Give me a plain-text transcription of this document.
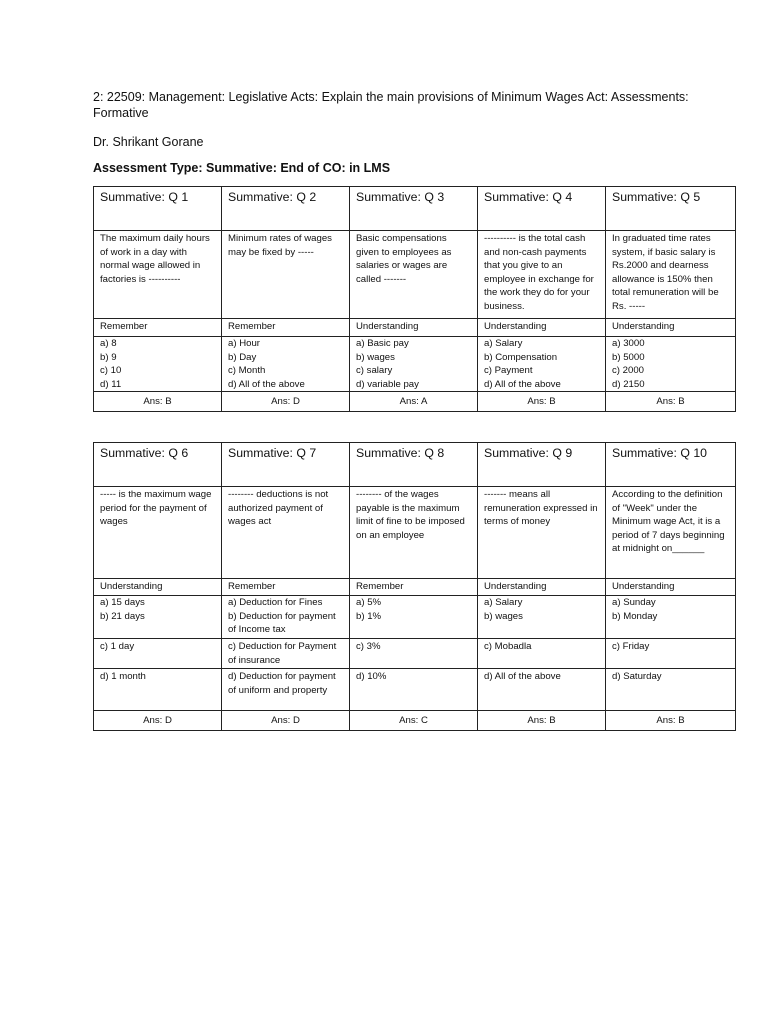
2: 22509: Management: Legislative Acts: Explain the main provisions of Minimum Wages Act: Assessments: Formative
Dr. Shrikant Gorane
Assessment Type: Summative: End of CO: in LMS
Summative: Q 1	Summative: Q 2	Summative: Q 3	Summative: Q 4	Summative: Q 5
The maximum daily hours of work in a day with normal wage allowed in factories is ----------	Minimum rates of wages may be fixed by -----	Basic compensations given to employees as salaries or wages are called -------	---------- is the total cash and non-cash payments that you give to an employee in exchange for the work they do for your business.	In graduated time rates system, if basic salary is Rs.2000 and dearness allowance is 150% then total remuneration will be Rs. -----
Remember	Remember	Understanding	Understanding	Understanding
a) 8	a) Hour	a) Basic pay	a) Salary	a) 3000
b) 9	b) Day	b) wages	b) Compensation	b) 5000
c) 10	c) Month	c) salary	c) Payment	c) 2000
d) 11	d) All of the above	d) variable pay	d) All of the above	d) 2150
Ans: B	Ans: D	Ans: A	Ans: B	Ans: B
Summative: Q 6	Summative: Q 7	Summative: Q 8	Summative: Q 9	Summative: Q 10
----- is the maximum wage period for the payment of wages	-------- deductions is not authorized payment of wages act	-------- of the wages payable is the maximum limit of fine to be imposed on an employee	------- means all remuneration expressed in terms of money	According to the definition of "Week" under the Minimum wage Act, it is a period of 7 days beginning at midnight on______
Understanding	Remember	Remember	Understanding	Understanding
a) 15 days	a) Deduction for Fines	a) 5%	a) Salary	a) Sunday
b) 21 days	b) Deduction for payment of Income tax	b) 1%	b) wages	b) Monday
c) 1 day	c) Deduction for Payment of insurance	c) 3%	c) Mobadla	c) Friday
d) 1 month	d) Deduction for payment of uniform and property	d) 10%	d) All of the above	d) Saturday
Ans: D	Ans: D	Ans: C	Ans: B	Ans: B
